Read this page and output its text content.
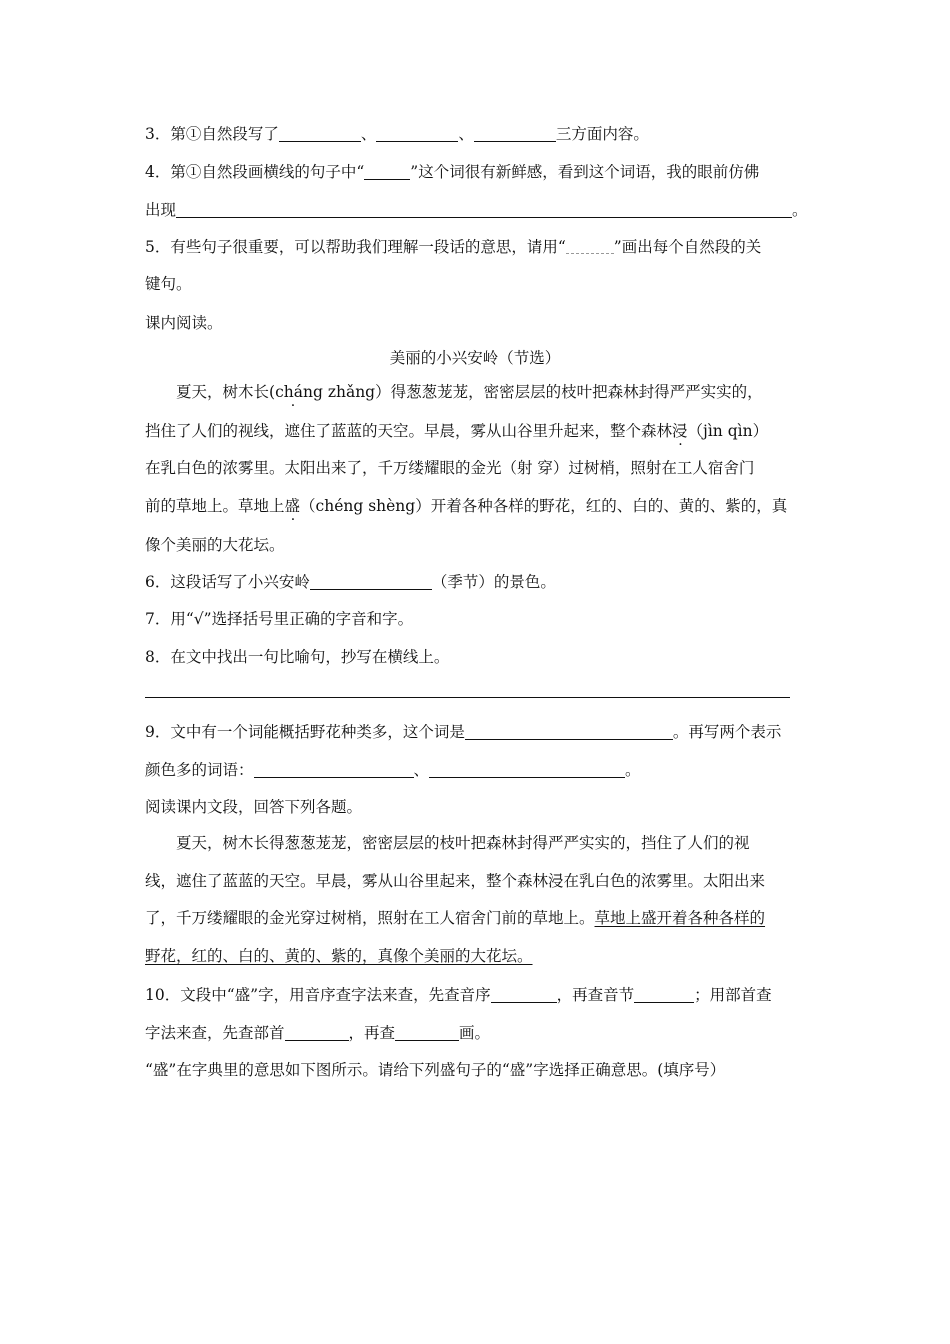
3．第①自然段写了	、	、	三方面内容。
4．第①自然段画横线的句子中“	”这个词很有新鲜感，看到这个词语，我的眼前仿佛
出现	。
5．有些句子很重要，可以帮助我们理解一段话的意思，请用“	”画出每个自然段的关
键句。
课内阅读。
美丽的小兴安岭（节选）
夏天，树木长 ·(cháng zhǎng）得葱葱茏茏，密密层层的枝叶把森林封得严严实实的，
挡住了人们的视线，遮住了蓝蓝的天空。早晨，雾从山谷里升起来，整个森林浸（jìn qìn）
在乳白色的浓雾里。太阳出来了，千万缕耀眼的金光（射 穿）过树梢，照射在工人宿舍门
前的草地上。草地上盛（chéng shèng）开着各种各样的野花，红的、白的、黄的、紫的，真
像个美丽的大花坛。
6．这段话写了小兴安岭	（季节）的景色。
7．用“√”选择括号里正确的字音和字。
8．在文中找出一句比喻句，抄写在横线上。
9．文中有一个词能概括野花种类多，这个词是	。再写两个表示
颜色多的词语：	、	。
阅读课内文段，回答下列各题。
夏天，树木长得葱葱茏茏，密密层层的枝叶把森林封得严严实实的，挡住了人们的视
线，遮住了蓝蓝的天空。早晨，雾从山谷里起来，整个森林浸在乳白色的浓雾里。太阳出来
了，千万缕耀眼的金光穿过树梢，照射在工人宿舍门前的草地上。草地上盛开着各种各样的
野花，红的、白的、黄的、紫的，真像个美丽的大花坛。
10．文段中“盛”字，用音序查字法来查，先查音序	，再查音节	；用部首查
字法来查，先查部首	，再查	画。
“盛”在字典里的意思如下图所示。请给下列盛句子的“盛”字选择正确意思。(填序号）
